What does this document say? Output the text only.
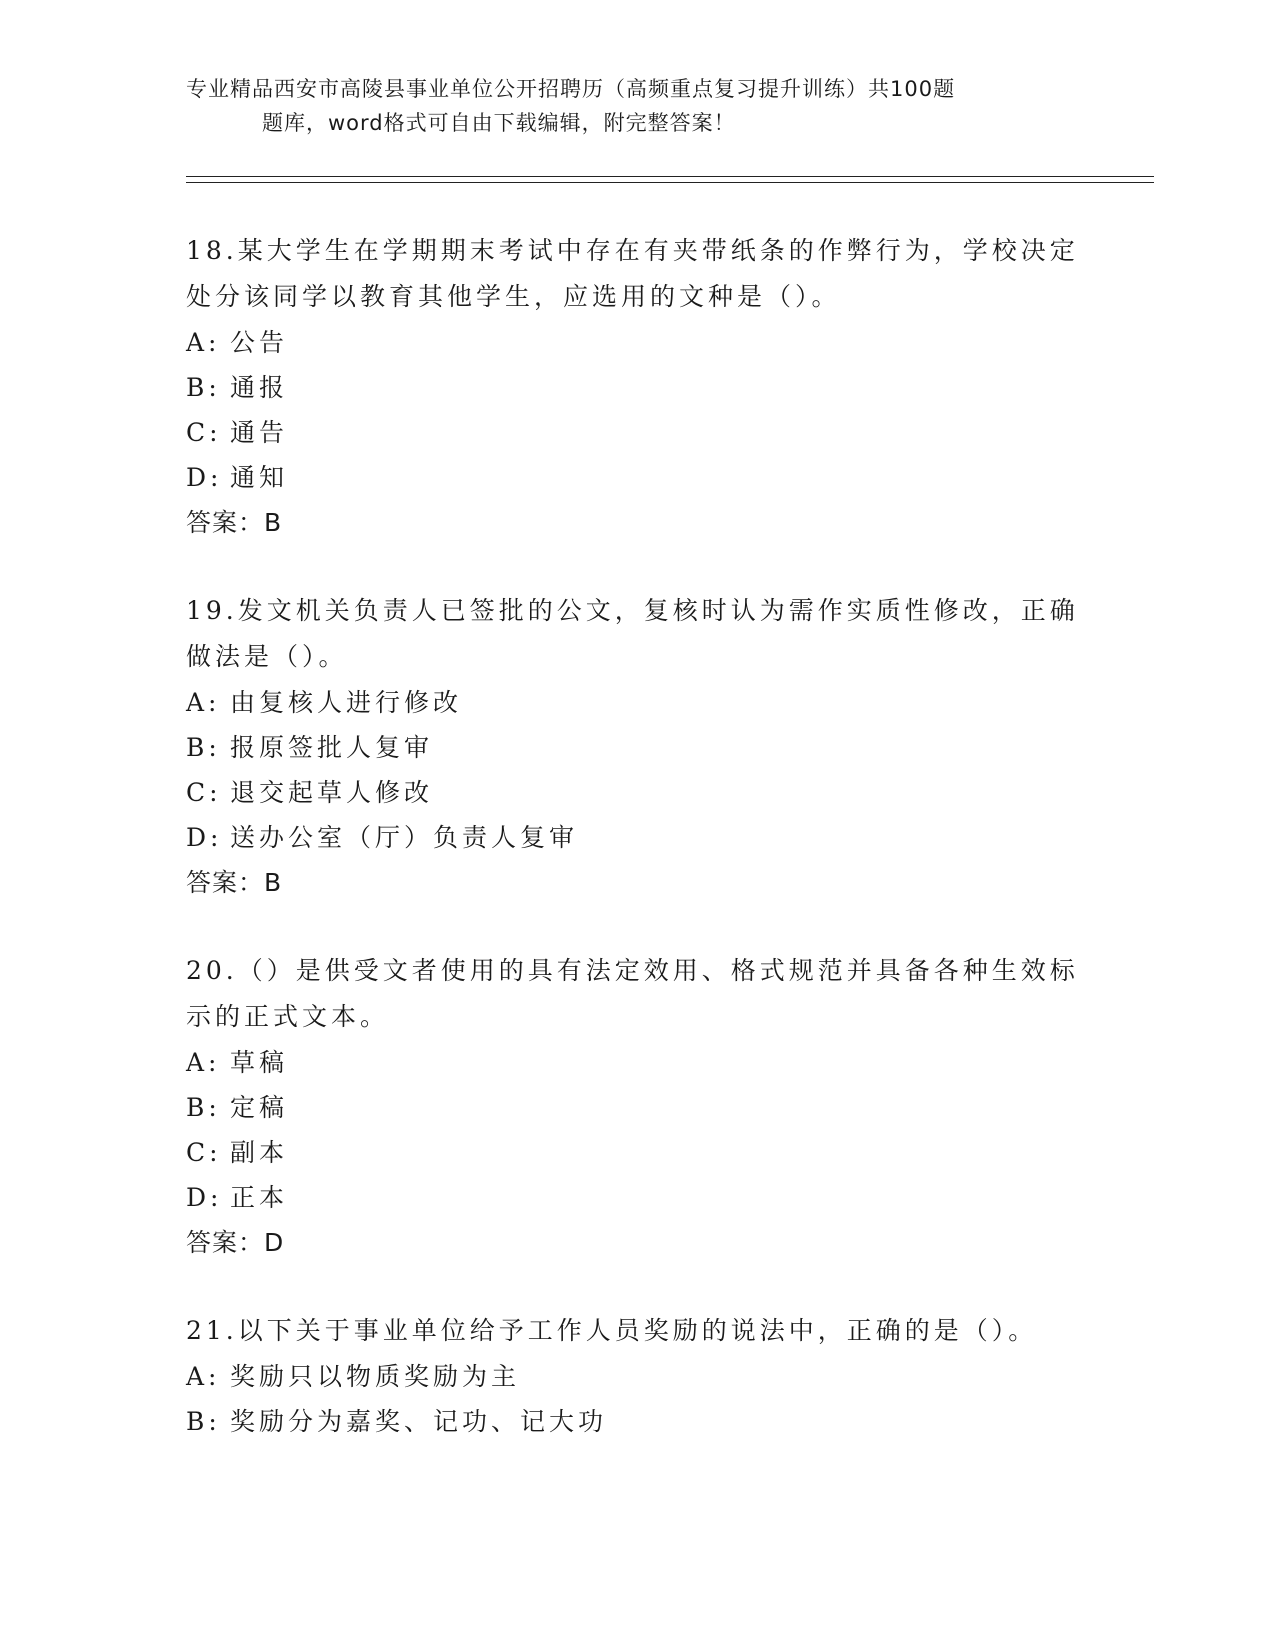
专业精品西安市高陵县事业单位公开招聘历（高频重点复习提升训练）共100题
题库，word格式可自由下载编辑，附完整答案！
18.某大学生在学期期末考试中存在有夹带纸条的作弊行为，学校决定处分该同学以教育其他学生，应选用的文种是（）。
A: 公告
B: 通报
C: 通告
D: 通知
答案：B
19.发文机关负责人已签批的公文，复核时认为需作实质性修改，正确做法是（）。
A: 由复核人进行修改
B: 报原签批人复审
C: 退交起草人修改
D: 送办公室（厅）负责人复审
答案：B
20.（）是供受文者使用的具有法定效用、格式规范并具备各种生效标示的正式文本。
A: 草稿
B: 定稿
C: 副本
D: 正本
答案：D
21.以下关于事业单位给予工作人员奖励的说法中，正确的是（）。
A: 奖励只以物质奖励为主
B: 奖励分为嘉奖、记功、记大功
